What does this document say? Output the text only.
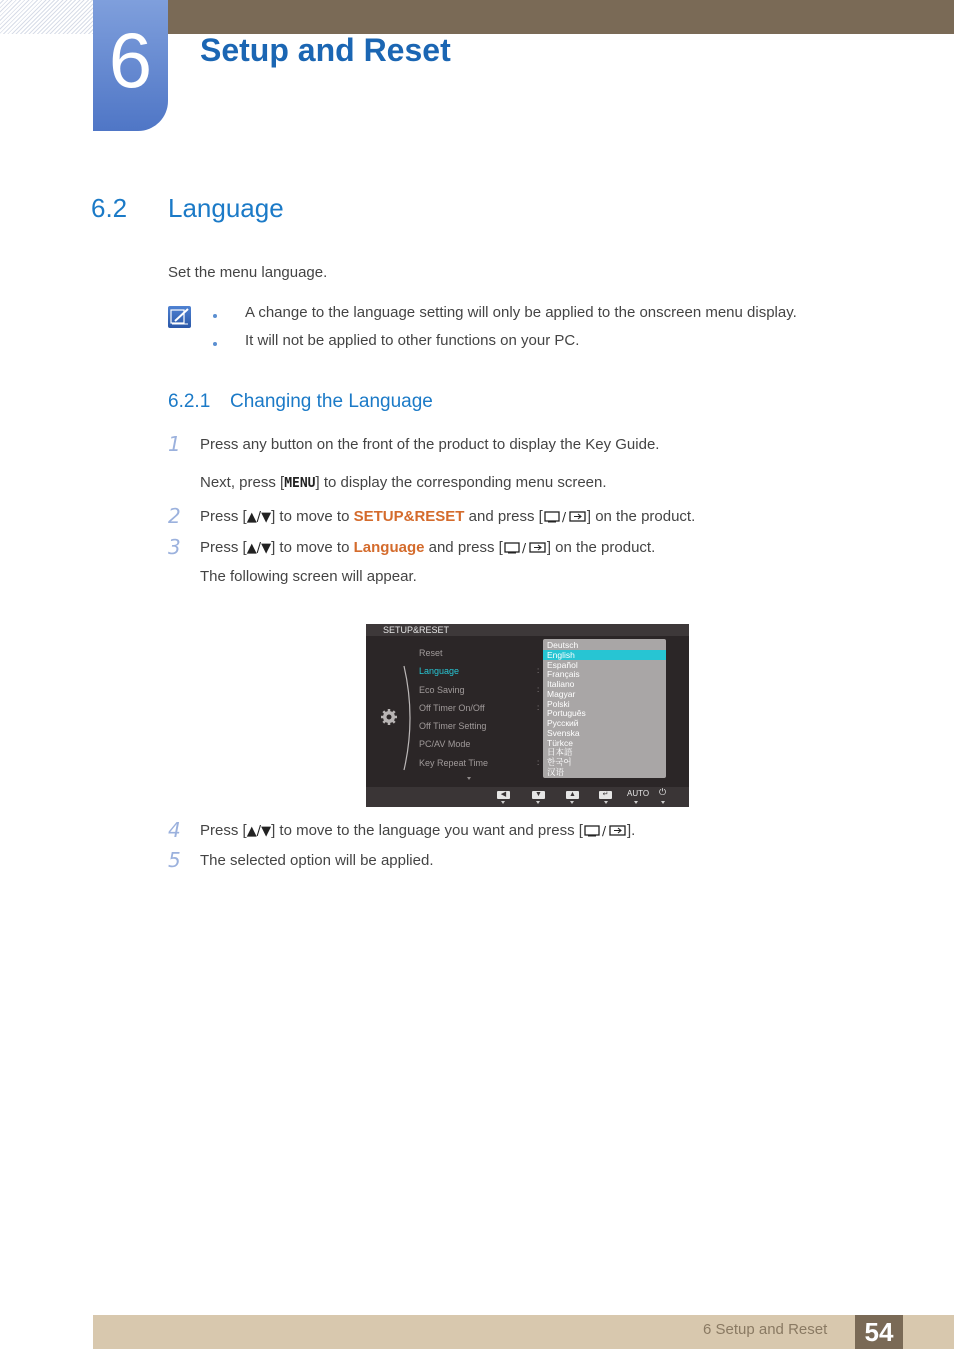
6	Setup and Reset
6.2 Language
Set the menu language.
A change to the language setting will only be applied to the onscreen menu display.
It will not be applied to other functions on your PC.
6.2.1 Changing the Language
1 Press any button on the front of the product to display the Key Guide.
Next, press [MENU] to display the corresponding menu screen.
2 Press [▲/▼] to move to SETUP&RESET and press [ / ] on the product.
3 Press [▲/▼] to move to Language and press [ / ] on the product.
The following screen will appear.
SETUP&RESET
Reset
Language
Eco Saving
Off Timer On/Off
Off Timer Setting
PC/AV Mode
Key Repeat Time
:
:
:
:
Deutsch
English
Español
Français
Italiano
Magyar
Polski
Português
Русский
Svenska
Türkce
日本語
한국어
汉语
◀	▼	▲	↵	AUTO ⏻
4 Press [▲/▼] to move to the language you want and press [ / ].
5 The selected option will be applied.
6 Setup and Reset	54
